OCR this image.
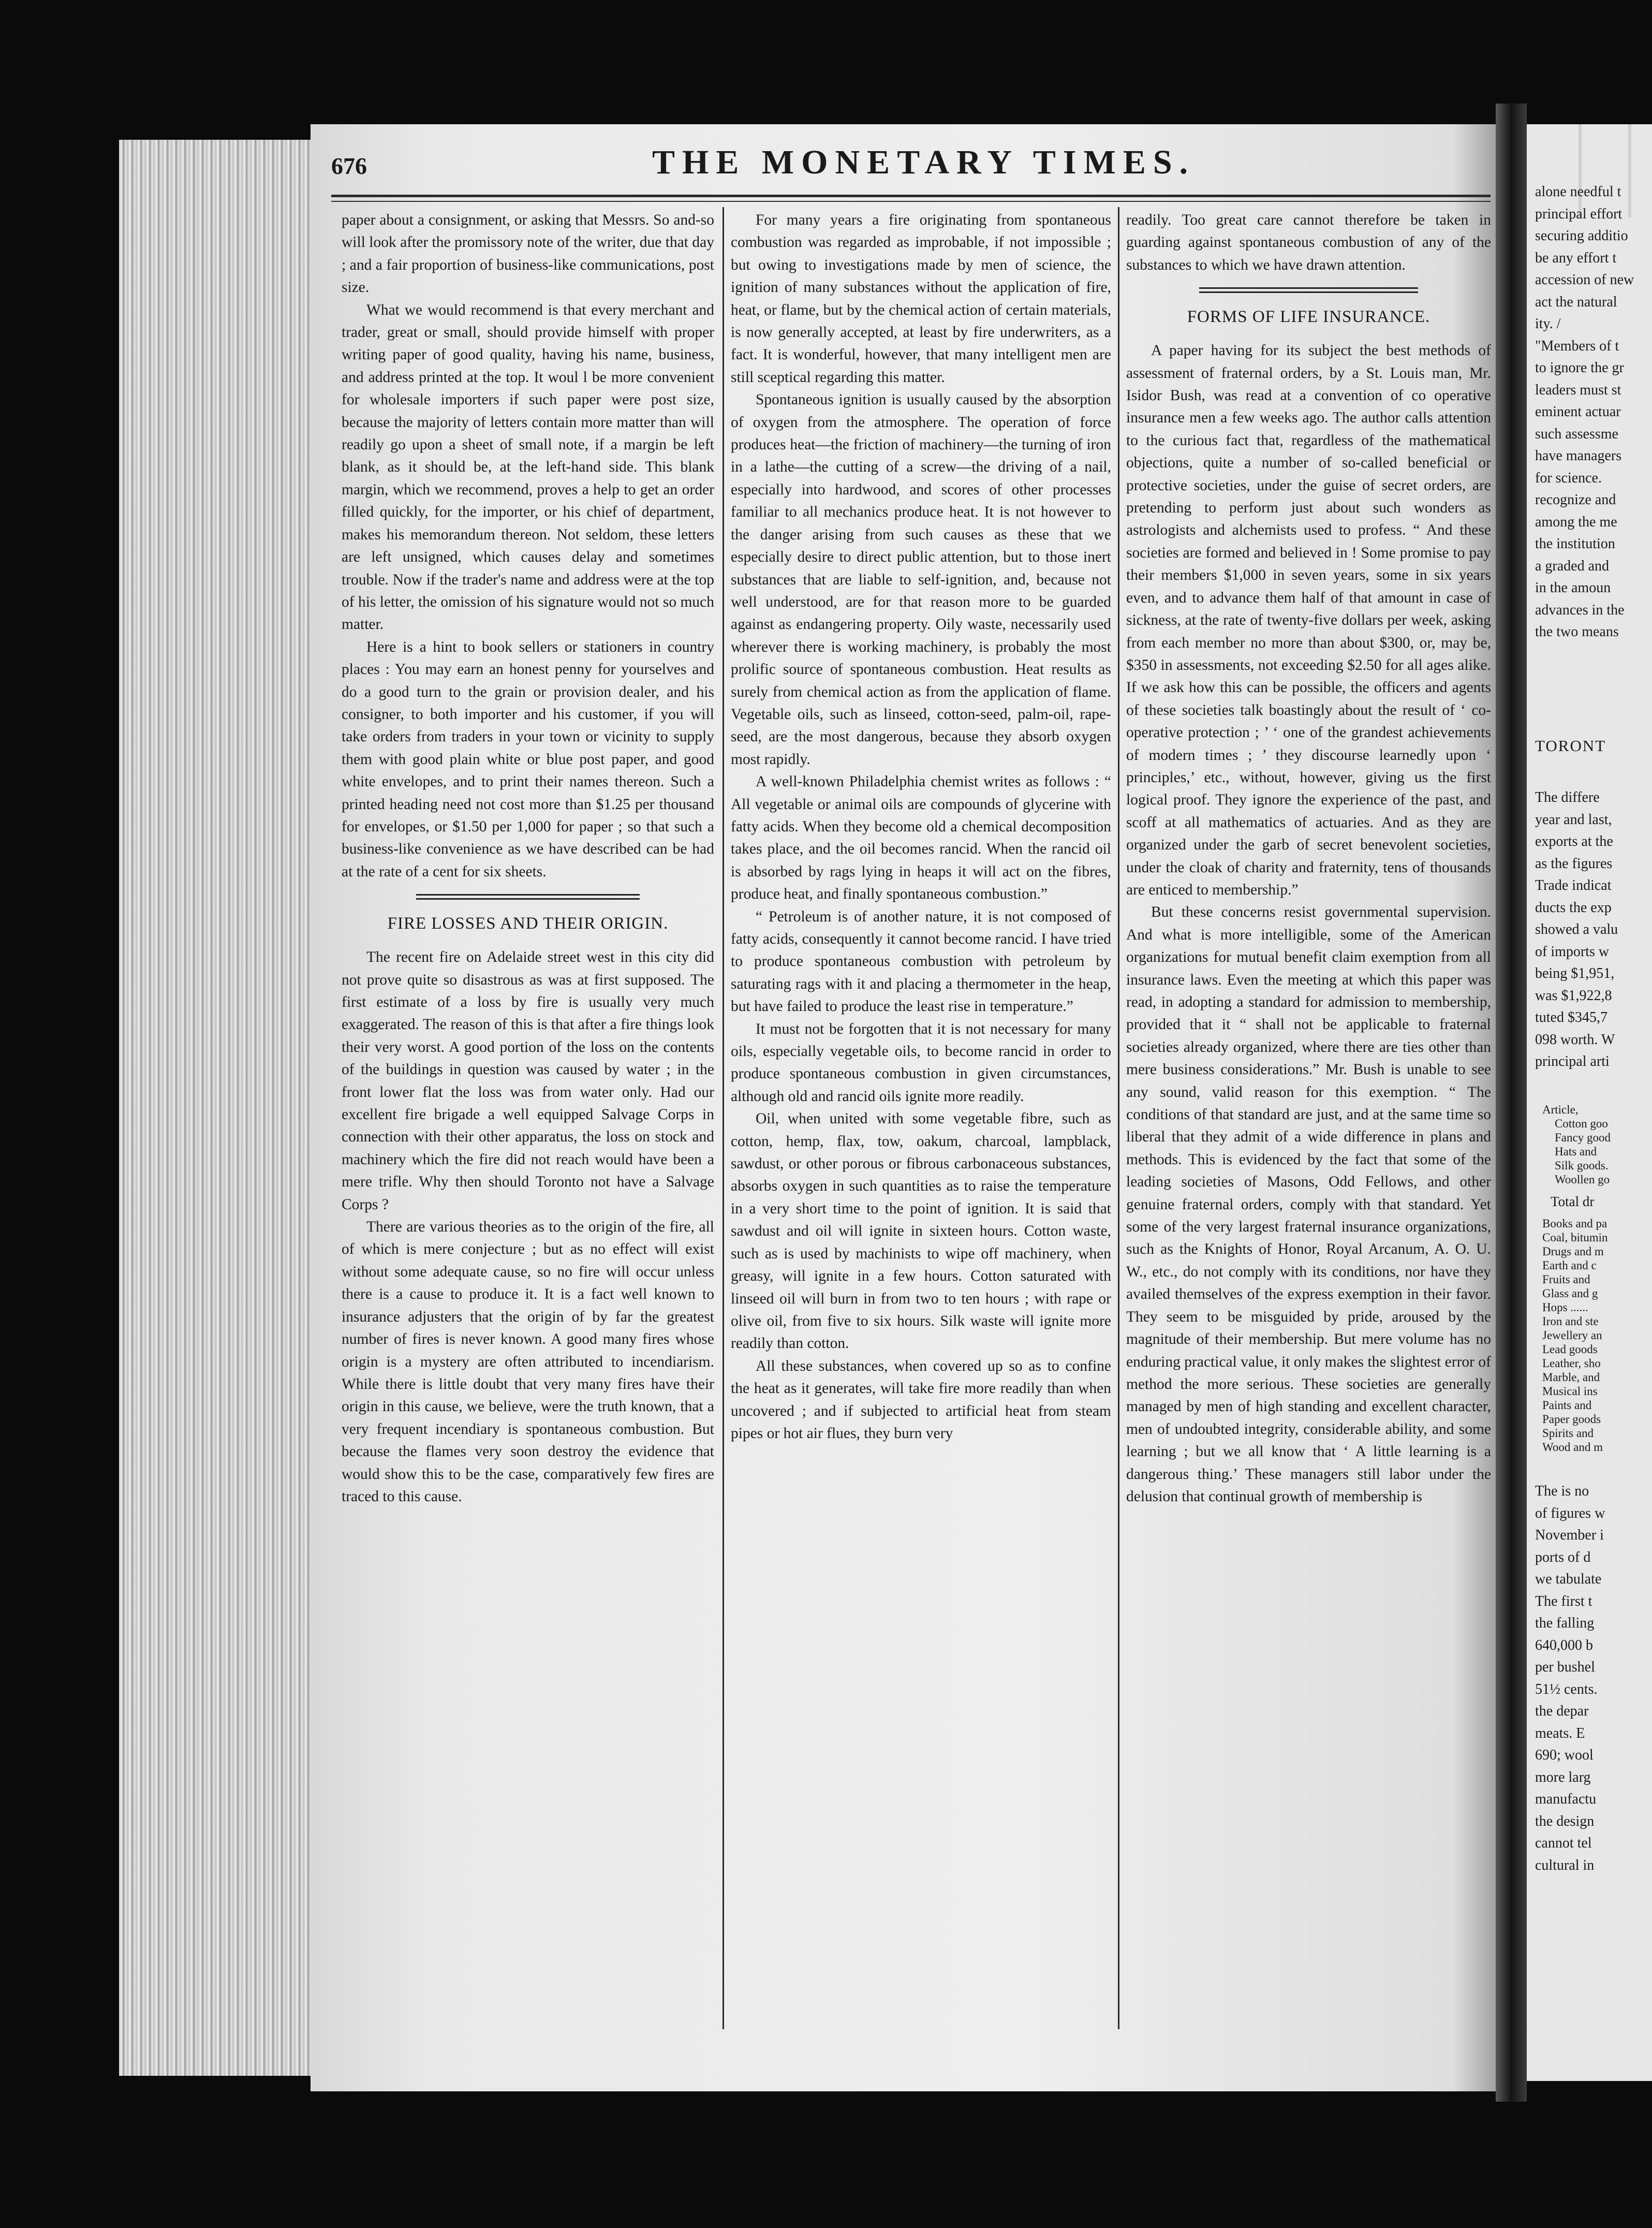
alone needful t
principal effort
securing additio
be any effort t
accession of new
act the natural
ity. /
"Members of t
to ignore the gr
leaders must st
eminent actuar
such assessme
have managers
for science.
recognize and
among the me
the institution
a graded and
in the amoun
advances in the
the two means
TORONT
The differe
year and last,
exports at the
as the figures
Trade indicat
ducts the exp
showed a valu
of imports w
being $1,951,
was $1,922,8
tuted $345,7
098 worth. W
principal arti
Article,
Cotton goo
Fancy good
Hats and
Silk goods.
Woollen go
Total dr
Books and pa
Coal, bitumin
Drugs and m
Earth and c
Fruits and
Glass and g
Hops ......
Iron and ste
Jewellery an
Lead goods
Leather, sho
Marble, and
Musical ins
Paints and
Paper goods
Spirits and
Wood and m
The is no
of figures w
November i
ports of d
we tabulate
The first t
the falling
640,000 b
per bushel
51½ cents.
the depar
meats. E
690; wool
more larg
manufactu
the design
cannot tel
cultural in
676	THE MONETARY TIMES.

paper about a consignment, or asking that Messrs. So and-so will look after the promissory note of the writer, due that day ; and a fair proportion of business-like communications, post size.

What we would recommend is that every merchant and trader, great or small, should provide himself with proper writing paper of good quality, having his name, business, and address printed at the top. It woul l be more convenient for wholesale importers if such paper were post size, because the majority of letters contain more matter than will readily go upon a sheet of small note, if a margin be left blank, as it should be, at the left-hand side. This blank margin, which we recommend, proves a help to get an order filled quickly, for the importer, or his chief of department, makes his memorandum thereon. Not seldom, these letters are left unsigned, which causes delay and sometimes trouble. Now if the trader's name and address were at the top of his letter, the omission of his signature would not so much matter.

Here is a hint to book sellers or stationers in country places : You may earn an honest penny for yourselves and do a good turn to the grain or provision dealer, and his consigner, to both importer and his customer, if you will take orders from traders in your town or vicinity to supply them with good plain white or blue post paper, and good white envelopes, and to print their names thereon. Such a printed heading need not cost more than $1.25 per thousand for envelopes, or $1.50 per 1,000 for paper ; so that such a business-like convenience as we have described can be had at the rate of a cent for six sheets.

FIRE LOSSES AND THEIR ORIGIN.

The recent fire on Adelaide street west in this city did not prove quite so disastrous as was at first supposed. The first estimate of a loss by fire is usually very much exaggerated. The reason of this is that after a fire things look their very worst. A good portion of the loss on the contents of the buildings in question was caused by water ; in the front lower flat the loss was from water only. Had our excellent fire brigade a well equipped Salvage Corps in connection with their other apparatus, the loss on stock and machinery which the fire did not reach would have been a mere trifle. Why then should Toronto not have a Salvage Corps ?

There are various theories as to the origin of the fire, all of which is mere conjecture ; but as no effect will exist without some adequate cause, so no fire will occur unless there is a cause to produce it. It is a fact well known to insurance adjusters that the origin of by far the greatest number of fires is never known. A good many fires whose origin is a mystery are often attributed to incendiarism. While there is little doubt that very many fires have their origin in this cause, we believe, were the truth known, that a very frequent incendiary is spontaneous combustion. But because the flames very soon destroy the evidence that would show this to be the case, comparatively few fires are traced to this cause.

For many years a fire originating from spontaneous combustion was regarded as improbable, if not impossible ; but owing to investigations made by men of science, the ignition of many substances without the application of fire, heat, or flame, but by the chemical action of certain materials, is now generally accepted, at least by fire underwriters, as a fact. It is wonderful, however, that many intelligent men are still sceptical regarding this matter.

Spontaneous ignition is usually caused by the absorption of oxygen from the atmosphere. The operation of force produces heat—the friction of machinery—the turning of iron in a lathe—the cutting of a screw—the driving of a nail, especially into hardwood, and scores of other processes familiar to all mechanics produce heat. It is not however to the danger arising from such causes as these that we especially desire to direct public attention, but to those inert substances that are liable to self-ignition, and, because not well understood, are for that reason more to be guarded against as endangering property. Oily waste, necessarily used wherever there is working machinery, is probably the most prolific source of spontaneous combustion. Heat results as surely from chemical action as from the application of flame. Vegetable oils, such as linseed, cotton-seed, palm-oil, rape-seed, are the most dangerous, because they absorb oxygen most rapidly.

A well-known Philadelphia chemist writes as follows : “ All vegetable or animal oils are compounds of glycerine with fatty acids. When they become old a chemical decomposition takes place, and the oil becomes rancid. When the rancid oil is absorbed by rags lying in heaps it will act on the fibres, produce heat, and finally spontaneous combustion.”

“ Petroleum is of another nature, it is not composed of fatty acids, consequently it cannot become rancid. I have tried to produce spontaneous combustion with petroleum by saturating rags with it and placing a thermometer in the heap, but have failed to produce the least rise in temperature.”

It must not be forgotten that it is not necessary for many oils, especially vegetable oils, to become rancid in order to produce spontaneous combustion in given circumstances, although old and rancid oils ignite more readily.

Oil, when united with some vegetable fibre, such as cotton, hemp, flax, tow, oakum, charcoal, lampblack, sawdust, or other porous or fibrous carbonaceous substances, absorbs oxygen in such quantities as to raise the temperature in a very short time to the point of ignition. It is said that sawdust and oil will ignite in sixteen hours. Cotton waste, such as is used by machinists to wipe off machinery, when greasy, will ignite in a few hours. Cotton saturated with linseed oil will burn in from two to ten hours ; with rape or olive oil, from five to six hours. Silk waste will ignite more readily than cotton.

All these substances, when covered up so as to confine the heat as it generates, will take fire more readily than when uncovered ; and if subjected to artificial heat from steam pipes or hot air flues, they burn very

readily. Too great care cannot therefore be taken in guarding against spontaneous combustion of any of the substances to which we have drawn attention.

FORMS OF LIFE INSURANCE.

A paper having for its subject the best methods of assessment of fraternal orders, by a St. Louis man, Mr. Isidor Bush, was read at a convention of co operative insurance men a few weeks ago. The author calls attention to the curious fact that, regardless of the mathematical objections, quite a number of so-called beneficial or protective societies, under the guise of secret orders, are pretending to perform just about such wonders as astrologists and alchemists used to profess. “ And these societies are formed and believed in ! Some promise to pay their members $1,000 in seven years, some in six years even, and to advance them half of that amount in case of sickness, at the rate of twenty-five dollars per week, asking from each member no more than about $300, or, may be, $350 in assessments, not exceeding $2.50 for all ages alike. If we ask how this can be possible, the officers and agents of these societies talk boastingly about the result of ‘ co-operative protection ; ’ ‘ one of the grandest achievements of modern times ; ’ they discourse learnedly upon ‘ principles,’ etc., without, however, giving us the first logical proof. They ignore the experience of the past, and scoff at all mathematics of actuaries. And as they are organized under the garb of secret benevolent societies, under the cloak of charity and fraternity, tens of thousands are enticed to membership.”

But these concerns resist governmental supervision. And what is more intelligible, some of the American organizations for mutual benefit claim exemption from all insurance laws. Even the meeting at which this paper was read, in adopting a standard for admission to membership, provided that it “ shall not be applicable to fraternal societies already organized, where there are ties other than mere business considerations.” Mr. Bush is unable to see any sound, valid reason for this exemption. “ The conditions of that standard are just, and at the same time so liberal that they admit of a wide difference in plans and methods. This is evidenced by the fact that some of the leading societies of Masons, Odd Fellows, and other genuine fraternal orders, comply with that standard. Yet some of the very largest fraternal insurance organizations, such as the Knights of Honor, Royal Arcanum, A. O. U. W., etc., do not comply with its conditions, nor have they availed themselves of the express exemption in their favor. They seem to be misguided by pride, aroused by the magnitude of their membership. But mere volume has no enduring practical value, it only makes the slightest error of method the more serious. These societies are generally managed by men of high standing and excellent character, men of undoubted integrity, considerable ability, and some learning ; but we all know that ‘ A little learning is a dangerous thing.’ These managers still labor under the delusion that continual growth of membership is
